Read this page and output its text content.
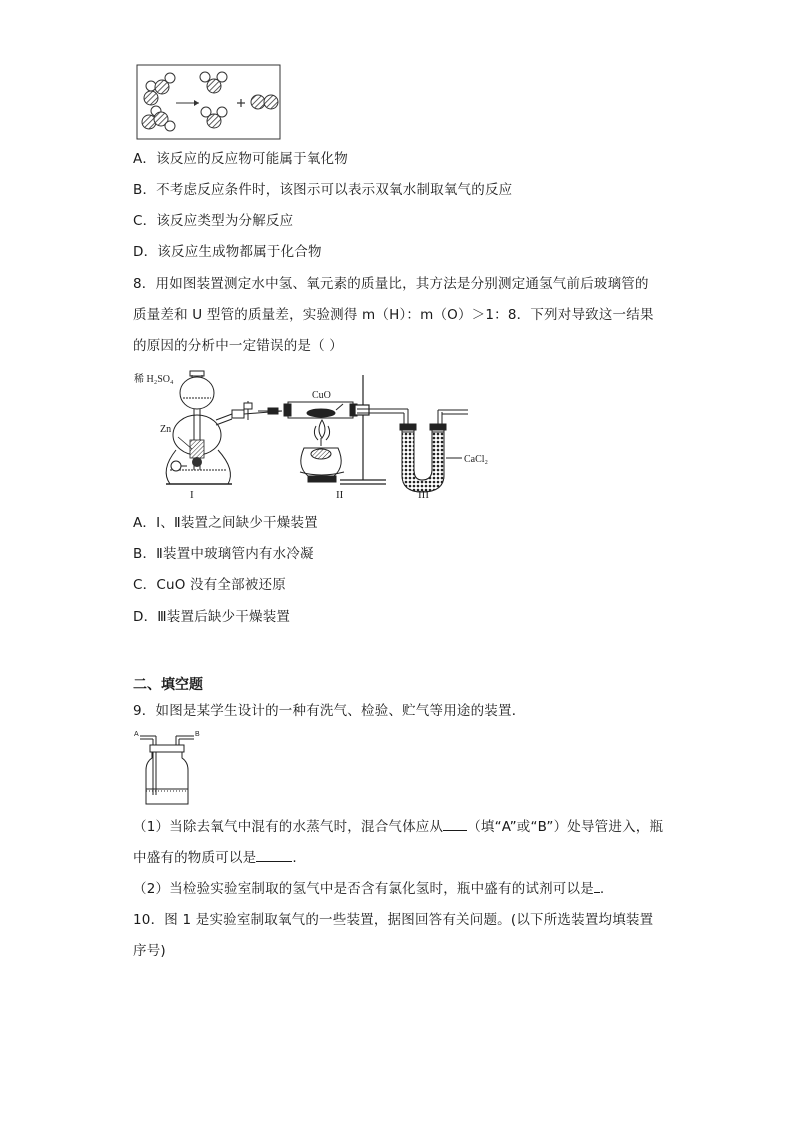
A．该反应的反应物可能属于氧化物
B．不考虑反应条件时，该图示可以表示双氧水制取氧气的反应
C．该反应类型为分解反应
D．该反应生成物都属于化合物
8．用如图装置测定水中氢、氧元素的质量比，其方法是分别测定通氢气前后玻璃管的
质量差和 U 型管的质量差，实验测得 m（H）：m（O）＞1：8．下列对导致这一结果
的原因的分析中一定错误的是（ ）
稀 H₂SO₄
Zn
CuO
CaCl₂
I	II	III
A．I、Ⅱ装置之间缺少干燥装置
B．Ⅱ装置中玻璃管内有水冷凝
C．CuO 没有全部被还原
D．Ⅲ装置后缺少干燥装置
二、填空题
9．如图是某学生设计的一种有洗气、检验、贮气等用途的装置．
A	B
（1）当除去氧气中混有的水蒸气时，混合气体应从 （填“A”或“B”）处导管进入，瓶
中盛有的物质可以是	.
（2）当检验实验室制取的氢气中是否含有氯化氢时，瓶中盛有的试剂可以是 .
10．图 1 是实验室制取氧气的一些装置，据图回答有关问题。(以下所选装置均填装置
序号)
